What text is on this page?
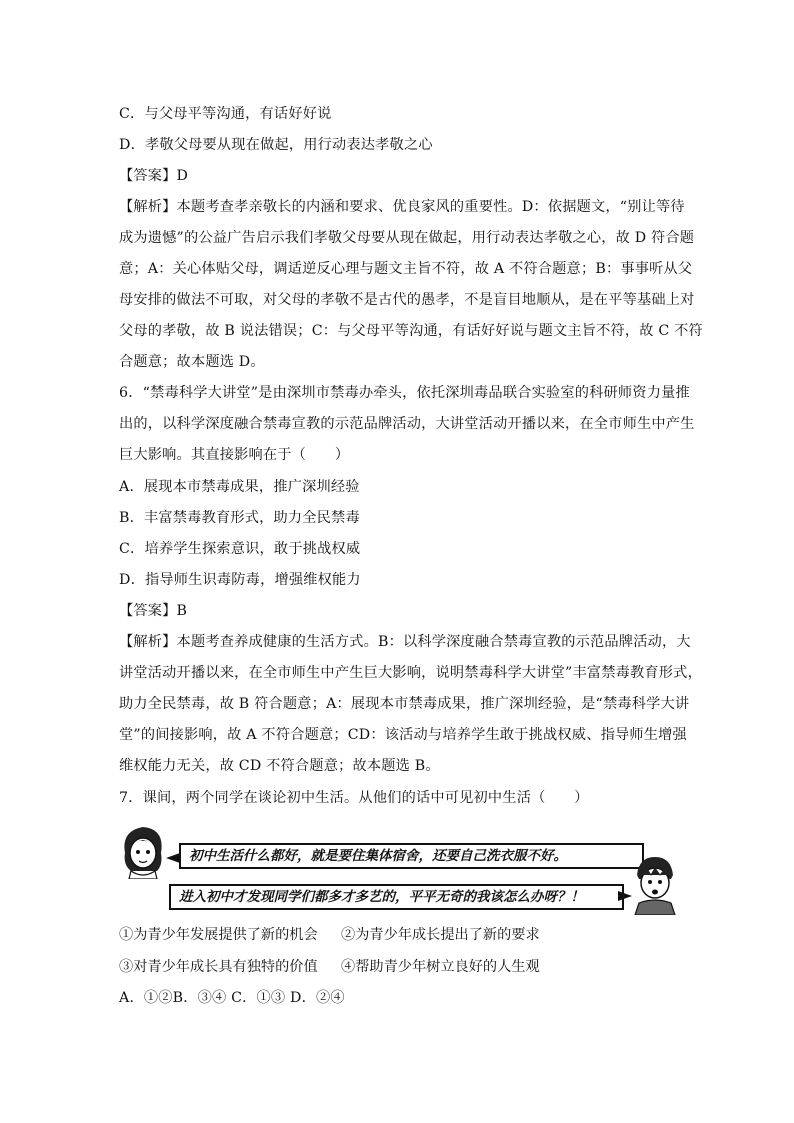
C．与父母平等沟通，有话好好说
D．孝敬父母要从现在做起，用行动表达孝敬之心
【答案】D
【解析】本题考查孝亲敬长的内涵和要求、优良家风的重要性。D：依据题文，“别让等待
成为遗憾”的公益广告启示我们孝敬父母要从现在做起，用行动表达孝敬之心，故 D 符合题
意；A：关心体贴父母，调适逆反心理与题文主旨不符，故 A 不符合题意；B：事事听从父
母安排的做法不可取，对父母的孝敬不是古代的愚孝，不是盲目地顺从，是在平等基础上对
父母的孝敬，故 B 说法错误；C：与父母平等沟通，有话好好说与题文主旨不符，故 C 不符
合题意；故本题选 D。
6．“禁毒科学大讲堂”是由深圳市禁毒办牵头，依托深圳毒品联合实验室的科研师资力量推
出的，以科学深度融合禁毒宣教的示范品牌活动，大讲堂活动开播以来，在全市师生中产生
巨大影响。其直接影响在于（　　）
A．展现本市禁毒成果，推广深圳经验
B．丰富禁毒教育形式，助力全民禁毒
C．培养学生探索意识，敢于挑战权威
D．指导师生识毒防毒，增强维权能力
【答案】B
【解析】本题考查养成健康的生活方式。B：以科学深度融合禁毒宣教的示范品牌活动，大
讲堂活动开播以来，在全市师生中产生巨大影响，说明禁毒科学大讲堂”丰富禁毒教育形式，
助力全民禁毒，故 B 符合题意；A：展现本市禁毒成果，推广深圳经验，是“禁毒科学大讲
堂”的间接影响，故 A 不符合题意；CD：该活动与培养学生敢于挑战权威、指导师生增强
维权能力无关，故 CD 不符合题意；故本题选 B。
7．课间，两个同学在谈论初中生活。从他们的话中可见初中生活（　　）
初中生活什么都好，就是要住集体宿舍，还要自己洗衣服不好。
进入初中才发现同学们都多才多艺的，平平无奇的我该怎么办呀？！
①为青少年发展提供了新的机会 ②为青少年成长提出了新的要求
③对青少年成长具有独特的价值 ④帮助青少年树立良好的人生观
A．①②B．③④ C．①③ D．②④
